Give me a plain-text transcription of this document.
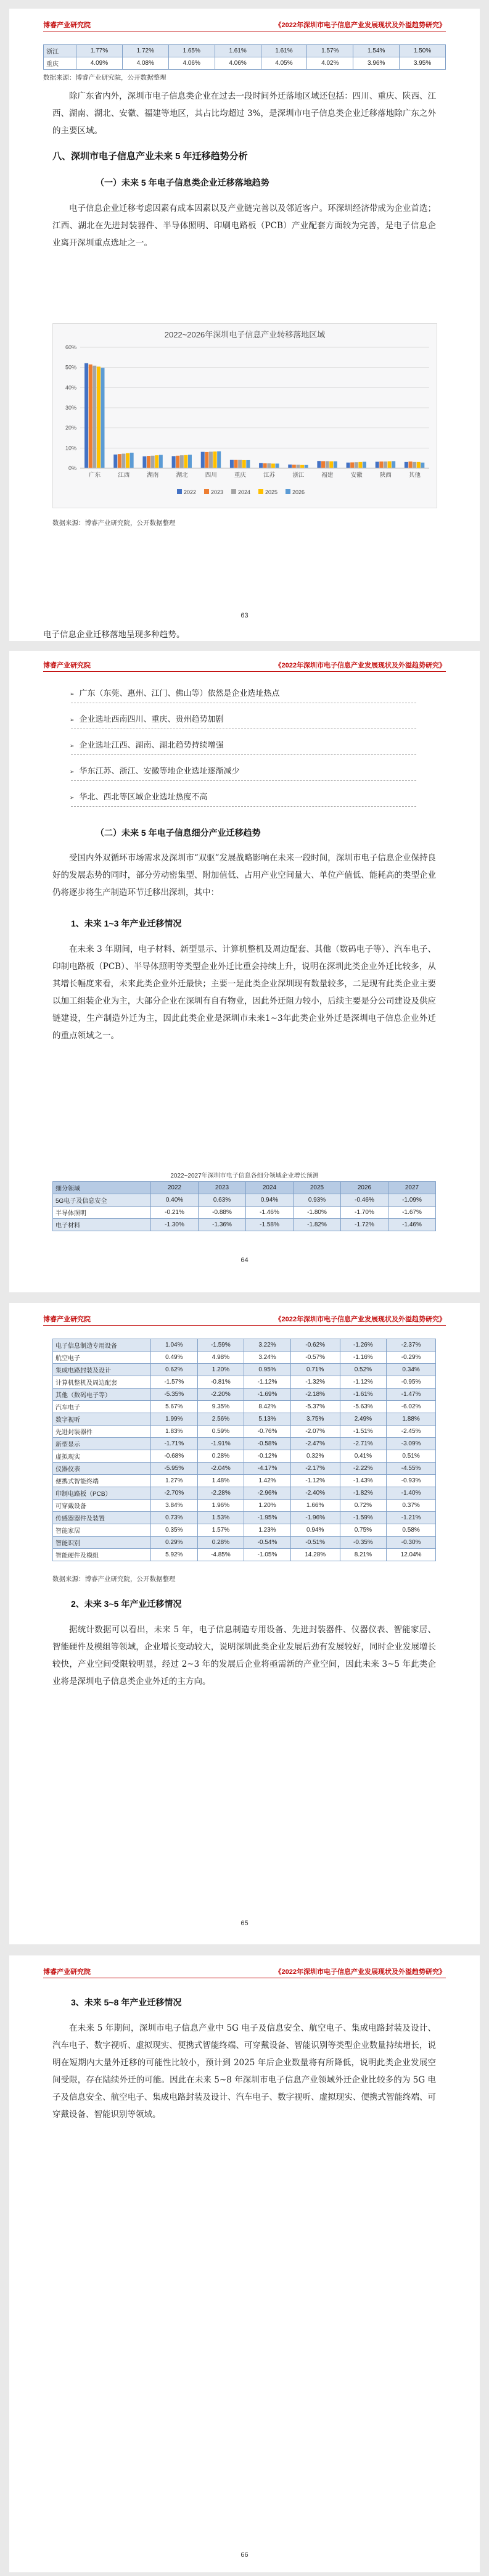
博睿产业研究院	《2022年深圳市电子信息产业发展现状及外溢趋势研究》
浙江	1.77%	1.72%	1.65%	1.61%	1.61%	1.57%	1.54%	1.50%
重庆	4.09%	4.08%	4.06%	4.06%	4.05%	4.02%	3.96%	3.95%
数据来源：博睿产业研究院，公开数据整理

除广东省内外，深圳市电子信息类企业在过去一段时间外迁落地区域还包括：四川、重庆、陕西、江西、湖南、湖北、安徽、福建等地区，其占比均超过 3%，是深圳市电子信息类企业迁移落地除广东之外的主要区域。

八、深圳市电子信息产业未来 5 年迁移趋势分析
（一）未来 5 年电子信息类企业迁移落地趋势

电子信息企业迁移考虑因素有成本因素以及产业链完善以及邻近客户。环深圳经济带成为企业首选；江西、湖北在先进封装器件、半导体照明、印刷电路板（PCB）产业配套方面较为完善，是电子信息企业离开深圳重点选址之一。

2022~2026年深圳电子信息产业转移落地区域
0%
10%
20%
30%
40%
50%
60%
广东	江西	湖南	湖北	四川	重庆	江苏	浙江	福建	安徽	陕西	其他
2022	2023	2024	2025	2026
数据来源：博睿产业研究院，公开数据整理
63
博睿产业研究院	《2022年深圳市电子信息产业发展现状及外溢趋势研究》

电子信息企业迁移落地呈现多种趋势。

（二）未来 5 年电子信息细分产业迁移趋势

受国内外双循环市场需求及深圳市“双驱”发展战略影响在未来一段时间，深圳市电子信息企业保持良好的发展态势的同时，部分劳动密集型、附加值低、占用产业空间量大、单位产值低、能耗高的类型企业仍将逐步将生产制造环节迁移出深圳，其中：

1、未来 1~3 年产业迁移情况

在未来 3 年期间，电子材料、新型显示、计算机整机及周边配套、其他（数码电子等）、汽车电子、印制电路板（PCB）、半导体照明等类型企业外迁比重会持续上升，说明在深圳此类企业外迁比较多，从其增长幅度来看，未来此类企业外迁最快；主要一是此类企业深圳现有数量较多，二是现有此类企业主要以加工组装企业为主，大部分企业在深圳有自有物业，因此外迁阻力较小，后续主要是分公司建设及供应链建设，生产制造外迁为主，因此此类企业是深圳市未来1~3年此类企业外迁是深圳电子信息企业外迁的重点领域之一。

2022~2027年深圳市电子信息各细分领域企业增长预测
细分领域	2022	2023	2024	2025	2026	2027
5G电子及信息安全	0.40%	0.63%	0.94%	0.93%	-0.46%	-1.09%
半导体照明	-0.21%	-0.88%	-1.46%	-1.80%	-1.70%	-1.67%
电子材料	-1.30%	-1.36%	-1.58%	-1.82%	-1.72%	-1.46%
64
➢ 广东（东莞、惠州、江门、佛山等）依然是企业选址热点
➢ 企业选址西南四川、重庆、贵州趋势加剧
➢ 企业选址江西、湖南、湖北趋势持续增强
➢ 华东江苏、浙江、安徽等地企业选址逐渐减少
➢ 华北、西北等区域企业选址热度不高
博睿产业研究院	《2022年深圳市电子信息产业发展现状及外溢趋势研究》
电子信息制造专用设备	1.04%	-1.59%	3.22%	-0.62%	-1.26%	-2.37%
航空电子	0.49%	4.98%	3.24%	-0.57%	-1.16%	-0.29%
集成电路封装及设计	0.62%	1.20%	0.95%	0.71%	0.52%	0.34%
计算机整机及周边配套	-1.57%	-0.81%	-1.12%	-1.32%	-1.12%	-0.95%
其他（数码电子等）	-5.35%	-2.20%	-1.69%	-2.18%	-1.61%	-1.47%
汽车电子	5.67%	9.35%	8.42%	-5.37%	-5.63%	-6.02%
数字视听	1.99%	2.56%	5.13%	3.75%	2.49%	1.88%
先进封装器件	1.83%	0.59%	-0.76%	-2.07%	-1.51%	-2.45%
新型显示	-1.71%	-1.91%	-0.58%	-2.47%	-2.71%	-3.09%
虚拟现实	-0.68%	0.28%	-0.12%	0.32%	0.41%	0.51%
仪器仪表	-5.95%	-2.04%	-4.17%	-2.17%	-2.22%	-4.55%
便携式智能终端	1.27%	1.48%	1.42%	-1.12%	-1.43%	-0.93%
印制电路板（PCB）	-2.70%	-2.28%	-2.96%	-2.40%	-1.82%	-1.40%
可穿戴设备	3.84%	1.96%	1.20%	1.66%	0.72%	0.37%
传感器器件及装置	0.73%	1.53%	-1.95%	-1.96%	-1.59%	-1.21%
智能家居	0.35%	1.57%	1.23%	0.94%	0.75%	0.58%
智能识别	0.29%	0.28%	-0.54%	-0.51%	-0.35%	-0.30%
智能硬件及模组	5.92%	-4.85%	-1.05%	14.28%	8.21%	12.04%
数据来源：博睿产业研究院，公开数据整理
2、未来 3~5 年产业迁移情况

据统计数据可以看出，未来 5 年，电子信息制造专用设备、先进封装器件、仪器仪表、智能家居、智能硬件及模组等领域，企业增长变动较大，说明深圳此类企业发展后劲有发展较好，同时企业发展增长较快，产业空间受限较明显，经过 2~3 年的发展后企业将亟需新的产业空间，因此未来 3~5 年此类企业将是深圳电子信息类企业外迁的主方向。

65
博睿产业研究院	《2022年深圳市电子信息产业发展现状及外溢趋势研究》
3、未来 5~8 年产业迁移情况

在未来 5 年期间，深圳市电子信息产业中 5G 电子及信息安全、航空电子、集成电路封装及设计、汽车电子、数字视听、虚拟现实、便携式智能终端、可穿戴设备、智能识别等类型企业数量持续增长，说明在短期内大量外迁移的可能性比较小，预计到 2025 年后企业数量将有所降低，说明此类企业发展空间受限，存在陆续外迁的可能。因此在未来 5~8 年深圳市电子信息产业领域外迁企业比较多的为 5G 电子及信息安全、航空电子、集成电路封装及设计、汽车电子、数字视听、虚拟现实、便携式智能终端、可穿戴设备、智能识别等领域。

66
